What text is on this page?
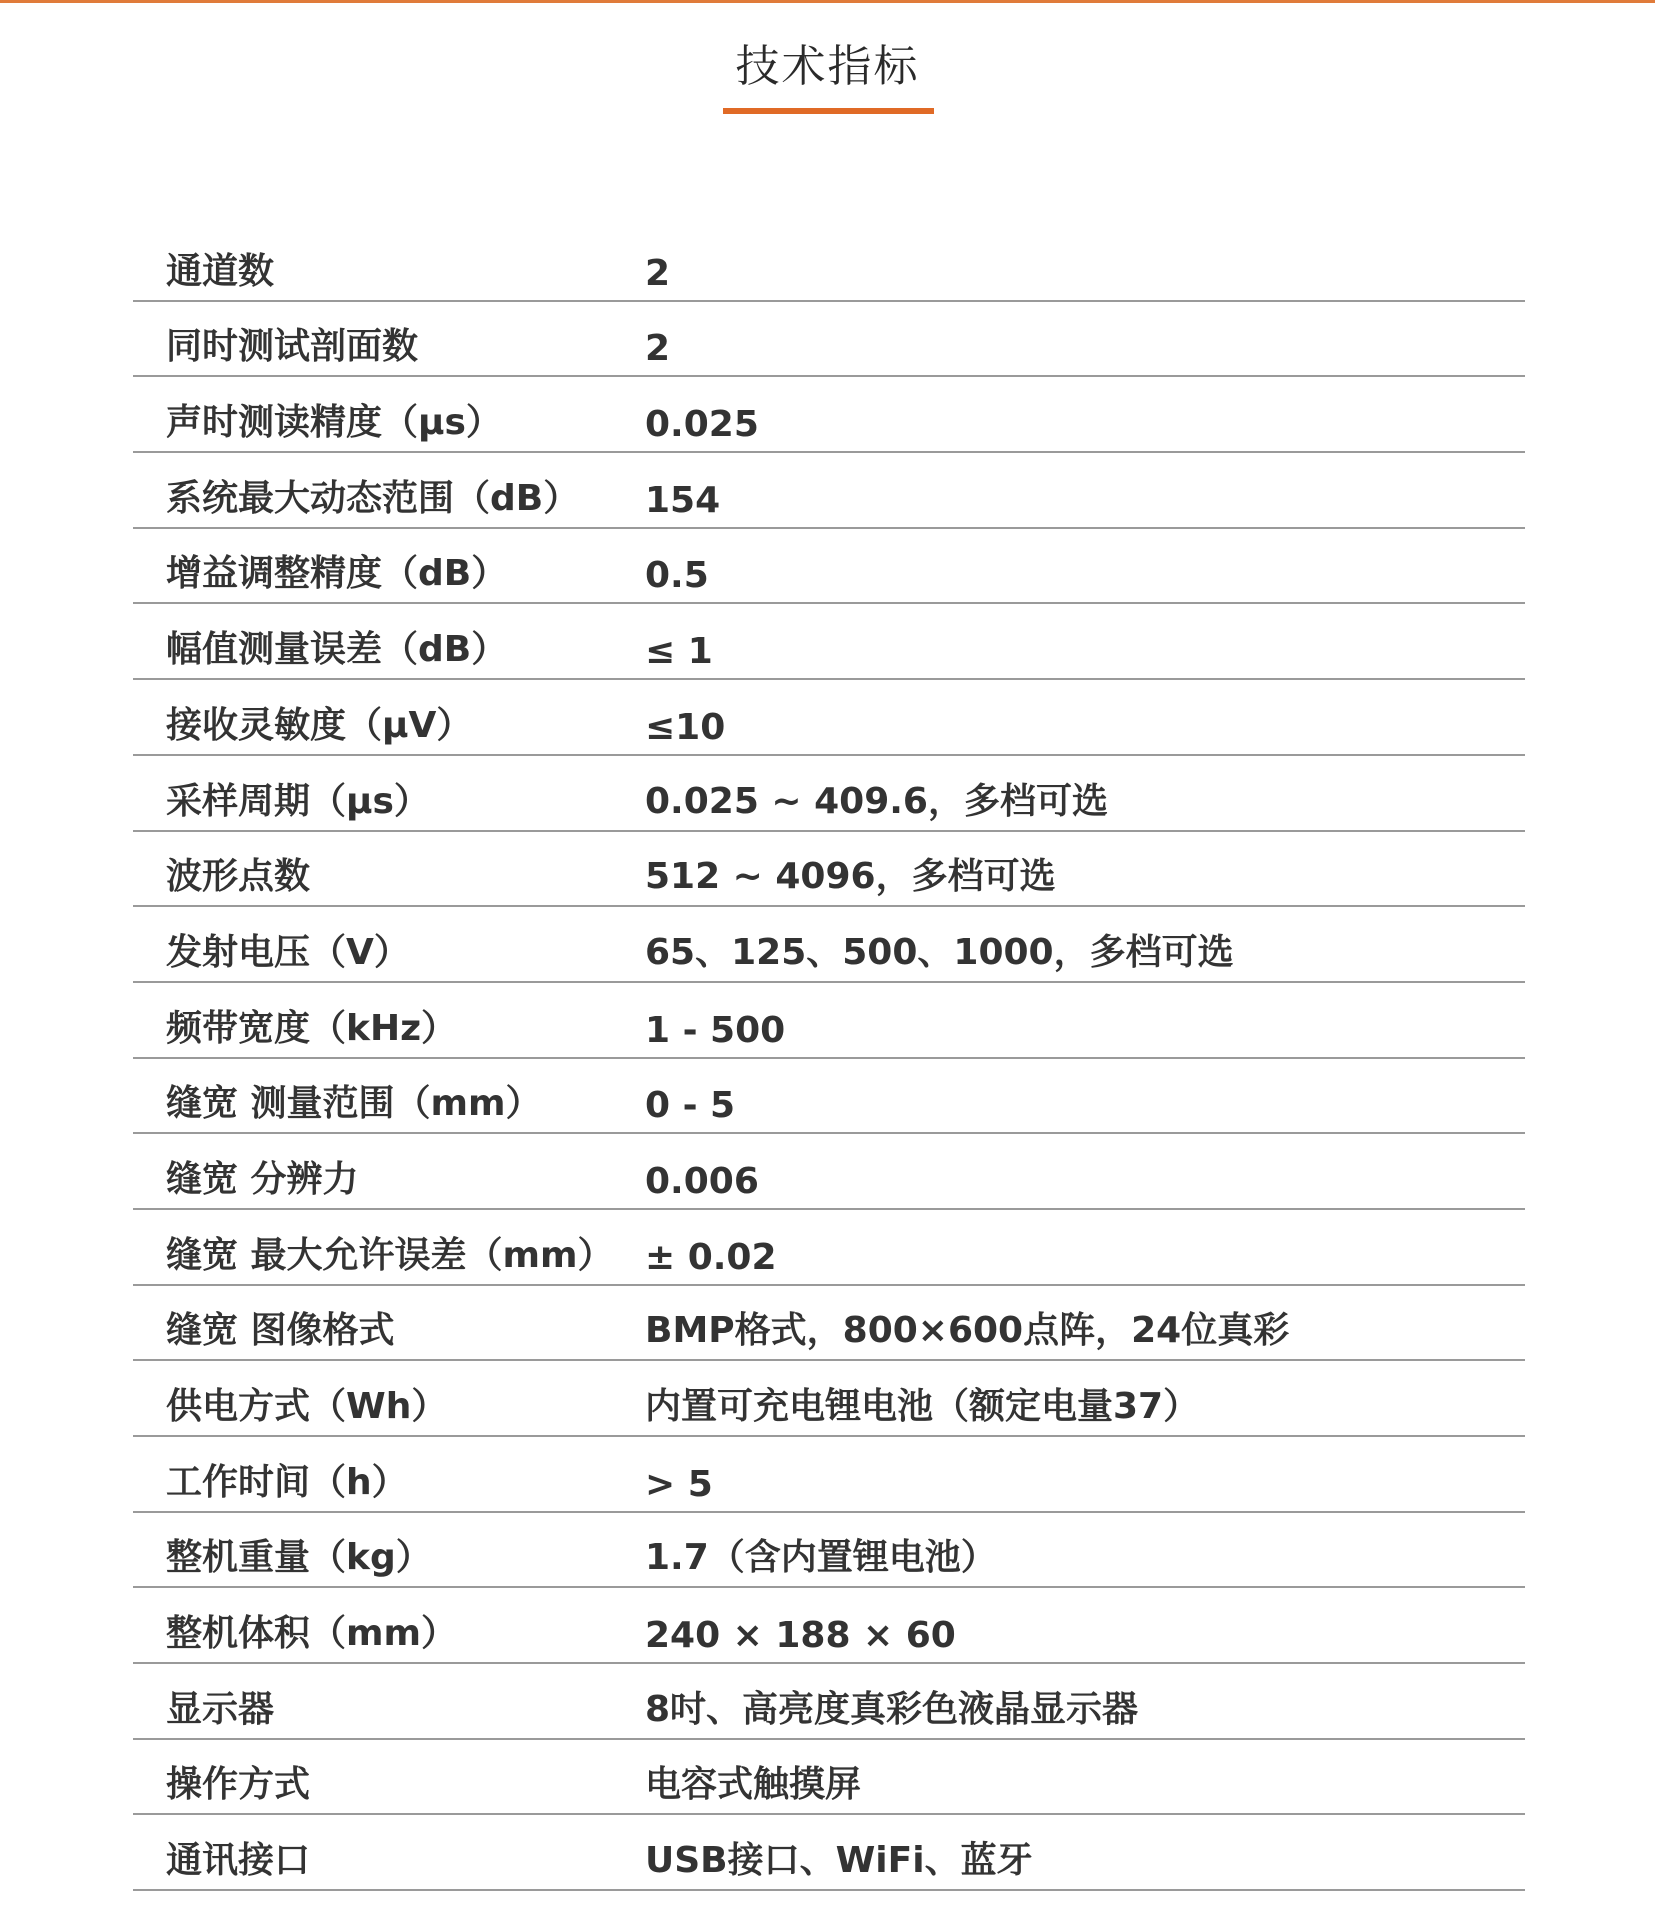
技术指标
通道数	2
同时测试剖面数	2
声时测读精度（μs）	0.025
系统最大动态范围（dB）	154
增益调整精度（dB）	0.5
幅值测量误差（dB）	≤ 1
接收灵敏度（μV）	≤10
采样周期（μs）	0.025 ~ 409.6，多档可选
波形点数	512 ~ 4096，多档可选
发射电压（V）	65、125、500、1000，多档可选
频带宽度（kHz）	1 - 500
缝宽 测量范围（mm）	0 - 5
缝宽 分辨力	0.006
缝宽 最大允许误差（mm） ± 0.02
缝宽 图像格式	BMP格式，800×600点阵，24位真彩
供电方式（Wh）	内置可充电锂电池（额定电量37）
工作时间（h）	> 5
整机重量（kg）	1.7（含内置锂电池）
整机体积（mm）	240 × 188 × 60
显示器	8吋、高亮度真彩色液晶显示器
操作方式	电容式触摸屏
通讯接口	USB接口、WiFi、蓝牙
